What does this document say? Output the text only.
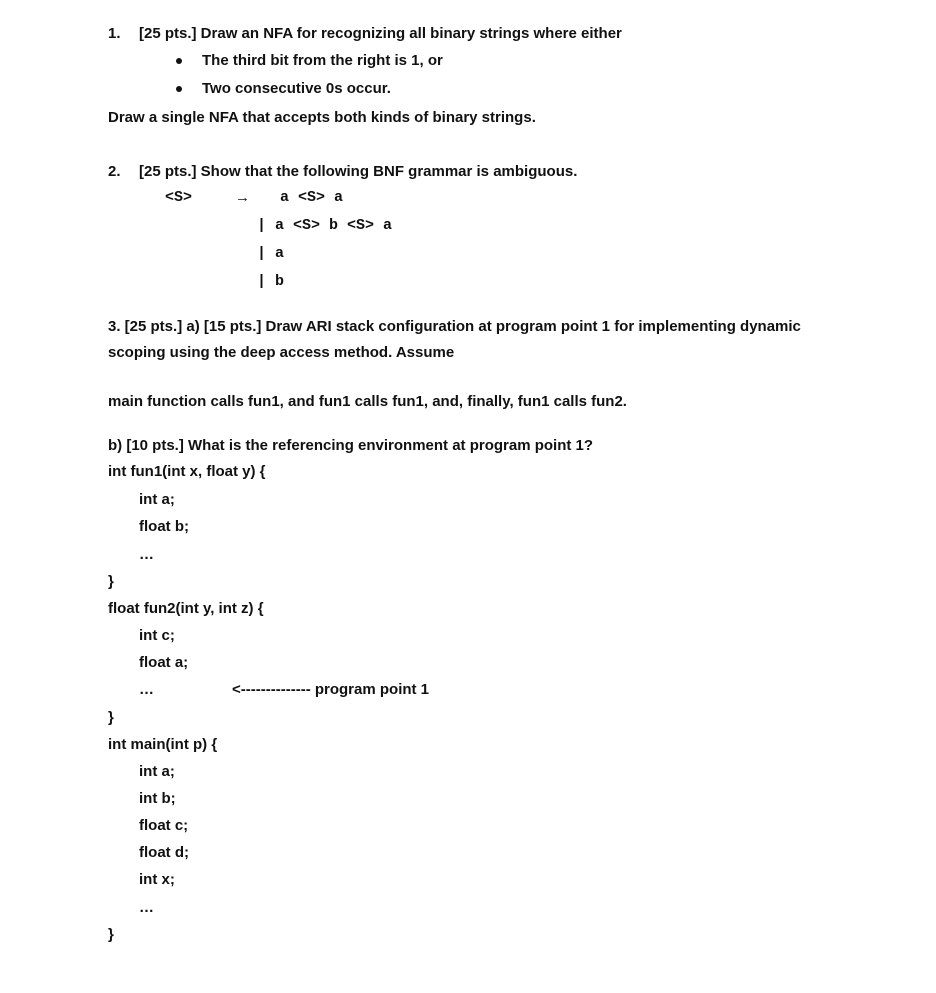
1. [25 pts.] Draw an NFA for recognizing all binary strings where either
The third bit from the right is 1, or
Two consecutive 0s occur.
Draw a single NFA that accepts both kinds of binary strings.
2. [25 pts.] Show that the following BNF grammar is ambiguous.
<S>	→ a <S> a
| a <S> b <S> a
| a
| b
3. [25 pts.] a) [15 pts.] Draw ARI stack configuration at program point 1 for implementing dynamic
scoping using the deep access method. Assume
main function calls fun1, and fun1 calls fun1, and, finally, fun1 calls fun2.
b) [10 pts.] What is the referencing environment at program point 1?
int fun1(int x, float y) {
int a;
float b;
…
}
float fun2(int y, int z) {
int c;
float a;
…	<-------------- program point 1
}
int main(int p) {
int a;
int b;
float c;
float d;
int x;
…
}
